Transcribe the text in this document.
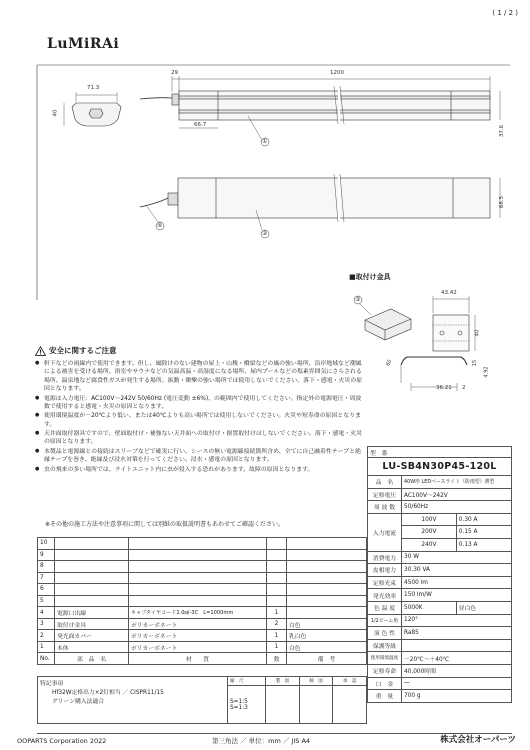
( 1 / 2 )
LuMiRAi
71.3
40
29	1200
66.7	37.6
68.5
①
②
④
■取付け金具
③
43.42
40
60	15
4.92
36.21 2
安全に関するご注意
● 軒下などの雨線内で使用できます。但し、風除けのない建物の屋上・山稜・橋梁などの風の強い場所、沿岸地域など潮風による被害を受ける場所、浴室やサウナなどの気温高温・高湿度になる場所、屋内プールなどの塩素雰囲気にさらされる場所、温泉地など腐食性ガスが発生する場所、振動・衝撃の強い場所では使用しないでください。落下・感電・火災の原因となります。
● 電源は入力電圧：AC100V～242V 50/60Hz (電圧変動 ±6%)、の範囲内で使用してください。指定外の電源電圧・周波数で使用すると感電・火災の原因となります。
● 使用環境温度が－20℃より低い、または40℃よりも高い場所では使用しないでください。火災や短寿命の原因となります。
● 天井面取付器具ですので、壁面取付け・補強ない天井面への取付け・据置取付けはしないでください。落下・感電・火災の原因となります。
● 本製品と電源線との接続はスリーブなどで確実に行い、シースの無い電源線接続箇所含め、全てに自己融着性テープと絶縁テープを巻き、絶縁及び浸水対策を行ってください。浸水・感電の原因となります。
● 虫の飛来の多い場所では、ライトユニット内に虫が侵入する恐れがあります。故障の原因となります。
※その他の施工方法や注意事項に関しては別紙の取扱説明書もあわせてご確認ください。
型　番		
LU-SB4N30P45-120L		
品　名	40W形 LEDベースライト（防雨型）薄型	
定格電圧	AC100V～242V	
周 波 数	50/60Hz	
入力電流	100V	0.30 A
	200V	0.15 A
	240V	0.13 A
消費電力	30 W	
皮相電力	30.30 VA	
定格光束	4500 lm	
発光効率	150 lm/W	
色 温 度	5000K	昼白色
1/2ビーム角	120°	
演 色 性	Ra85	
保護等級		
使用環境温度	－20℃～＋40℃	
定格寿命	40,000時間	
口　金	―	
重　量	700 g	
10				
9				
8				
7				
6				
5				
4	電源口出線	キャブタイヤコード1.0㎟-3C　L=1000mm	1	
3	取付け金具	ポリカーボネート	2	白色
2	発光面カバー	ポリカーボネート	1	乳白色
1	本体	ポリカーボネート	1	白色
No.	部　品　名	材　　質	数	備　考
特記事項
Hf32W定格出力×2灯相当 ／ CISPR11/15
グリーン購入法適合	縮　尺	製　図	検　図	承　認

	S=1:5
S=1:3			

OOPARTS Corporation 2022	第三角法 ／ 単位：mm ／ JIS A4	株式会社オーパーツ
